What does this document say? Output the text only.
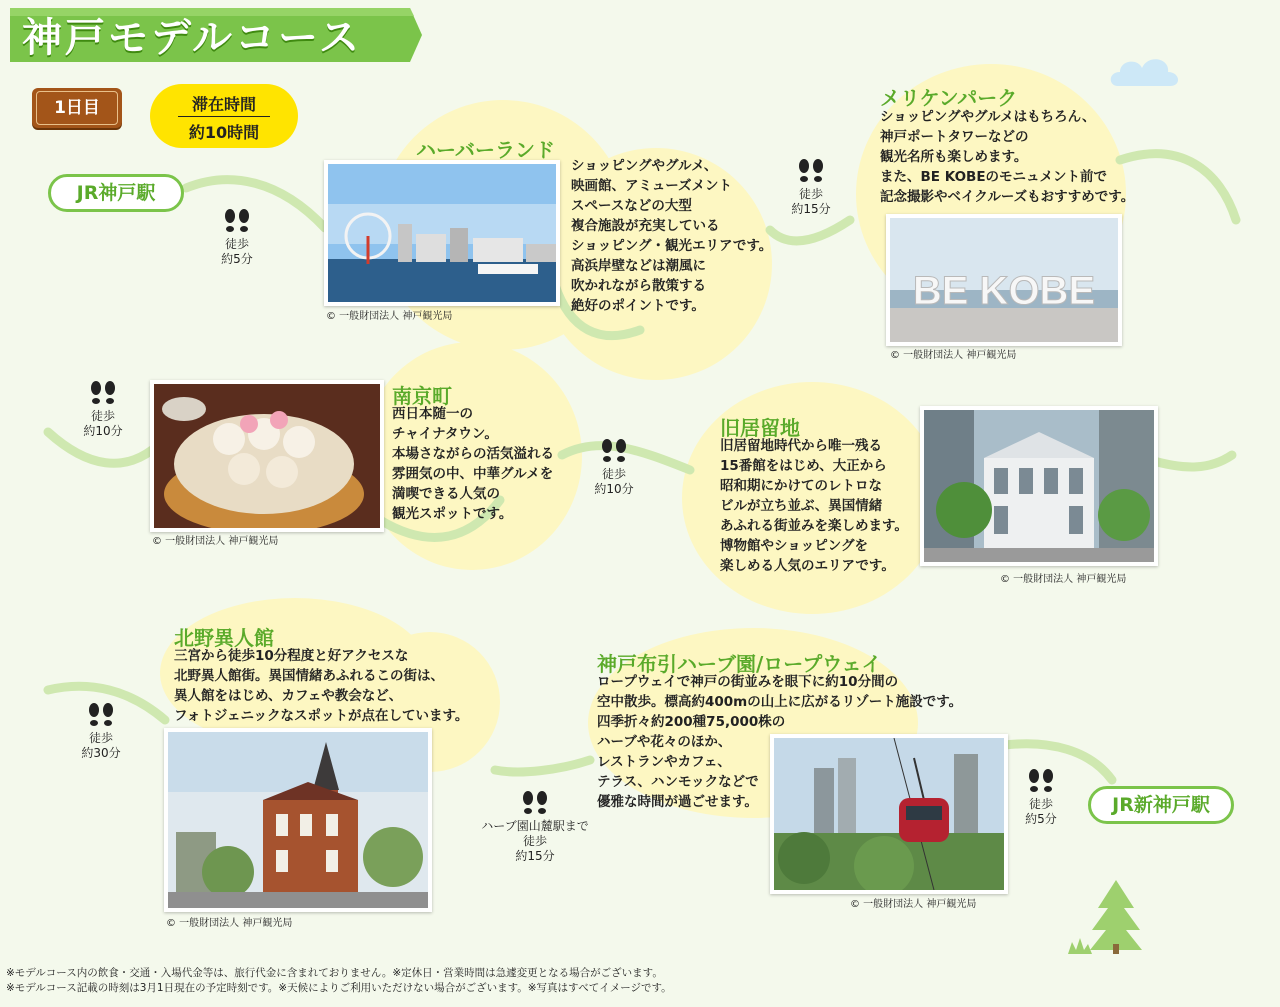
神戸モデルコース
1日目	滞在時間
約10時間
JR神戸駅
JR新神戸駅
ハーバーランド
© 一般財団法人 神戸観光局
ショッピングやグルメ、
映画館、アミューズメント
スペースなどの大型
複合施設が充実している
ショッピング・観光エリアです。
高浜岸壁などは潮風に
吹かれながら散策する
絶好のポイントです。
メリケンパーク
ショッピングやグルメはもちろん、
神戸ポートタワーなどの
観光名所も楽しめます。
また、BE KOBEのモニュメント前で
記念撮影やベイクルーズもおすすめです。
BE KOBE
© 一般財団法人 神戸観光局
© 一般財団法人 神戸観光局
南京町
西日本随一の
チャイナタウン。
本場さながらの活気溢れる
雰囲気の中、中華グルメを
満喫できる人気の
観光スポットです。
旧居留地
旧居留地時代から唯一残る
15番館をはじめ、大正から
昭和期にかけてのレトロな
ビルが立ち並ぶ、異国情緒
あふれる街並みを楽しめます。
博物館やショッピングを
楽しめる人気のエリアです。
© 一般財団法人 神戸観光局
北野異人館
三宮から徒歩10分程度と好アクセスな
北野異人館街。異国情緒あふれるこの街は、
異人館をはじめ、カフェや教会など、
フォトジェニックなスポットが点在しています。
© 一般財団法人 神戸観光局
神戸布引ハーブ園/ロープウェイ
ロープウェイで神戸の街並みを眼下に約10分間の
空中散歩。標高約400mの山上に広がるリゾート施設です。
四季折々約200種75,000株の
ハーブや花々のほか、
レストランやカフェ、
テラス、ハンモックなどで
優雅な時間が過ごせます。
© 一般財団法人 神戸観光局
徒歩
約5分
徒歩
約15分
徒歩
約10分
徒歩
約10分
徒歩
約30分
ハーブ園山麓駅まで
徒歩
約15分
徒歩
約5分
※モデルコース内の飲食・交通・入場代金等は、旅行代金に含まれておりません。※定休日・営業時間は急遽変更となる場合がございます。
※モデルコース記載の時刻は3月1日現在の予定時刻です。※天候によりご利用いただけない場合がございます。※写真はすべてイメージです。
